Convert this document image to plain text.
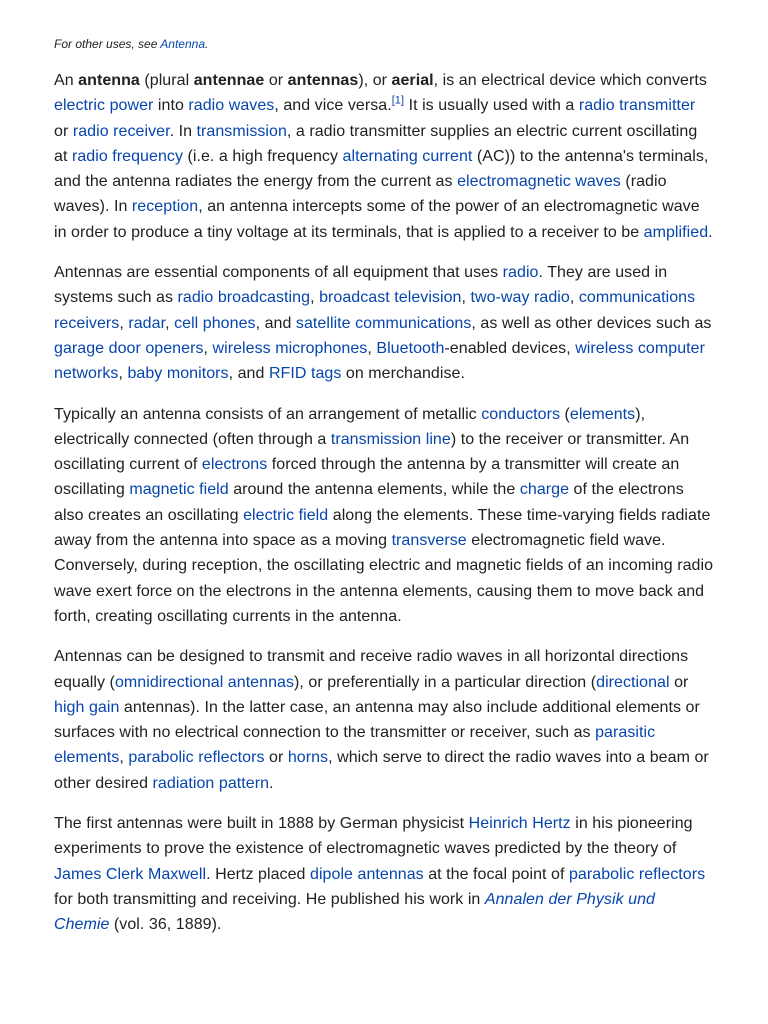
For other uses, see Antenna.

An antenna (plural antennae or antennas), or aerial, is an electrical device which converts electric power into radio waves, and vice versa.[1] It is usually used with a radio transmitter or radio receiver. In transmission, a radio transmitter supplies an electric current oscillating at radio frequency (i.e. a high frequency alternating current (AC)) to the antenna's terminals, and the antenna radiates the energy from the current as electromagnetic waves (radio waves). In reception, an antenna intercepts some of the power of an electromagnetic wave in order to produce a tiny voltage at its terminals, that is applied to a receiver to be amplified.

Antennas are essential components of all equipment that uses radio. They are used in systems such as radio broadcasting, broadcast television, two-way radio, communications receivers, radar, cell phones, and satellite communications, as well as other devices such as garage door openers, wireless microphones, Bluetooth-enabled devices, wireless computer networks, baby monitors, and RFID tags on merchandise.

Typically an antenna consists of an arrangement of metallic conductors (elements), electrically connected (often through a transmission line) to the receiver or transmitter. An oscillating current of electrons forced through the antenna by a transmitter will create an oscillating magnetic field around the antenna elements, while the charge of the electrons also creates an oscillating electric field along the elements. These time-varying fields radiate away from the antenna into space as a moving transverse electromagnetic field wave. Conversely, during reception, the oscillating electric and magnetic fields of an incoming radio wave exert force on the electrons in the antenna elements, causing them to move back and forth, creating oscillating currents in the antenna.

Antennas can be designed to transmit and receive radio waves in all horizontal directions equally (omnidirectional antennas), or preferentially in a particular direction (directional or high gain antennas). In the latter case, an antenna may also include additional elements or surfaces with no electrical connection to the transmitter or receiver, such as parasitic elements, parabolic reflectors or horns, which serve to direct the radio waves into a beam or other desired radiation pattern.

The first antennas were built in 1888 by German physicist Heinrich Hertz in his pioneering experiments to prove the existence of electromagnetic waves predicted by the theory of James Clerk Maxwell. Hertz placed dipole antennas at the focal point of parabolic reflectors for both transmitting and receiving. He published his work in Annalen der Physik und Chemie (vol. 36, 1889).
